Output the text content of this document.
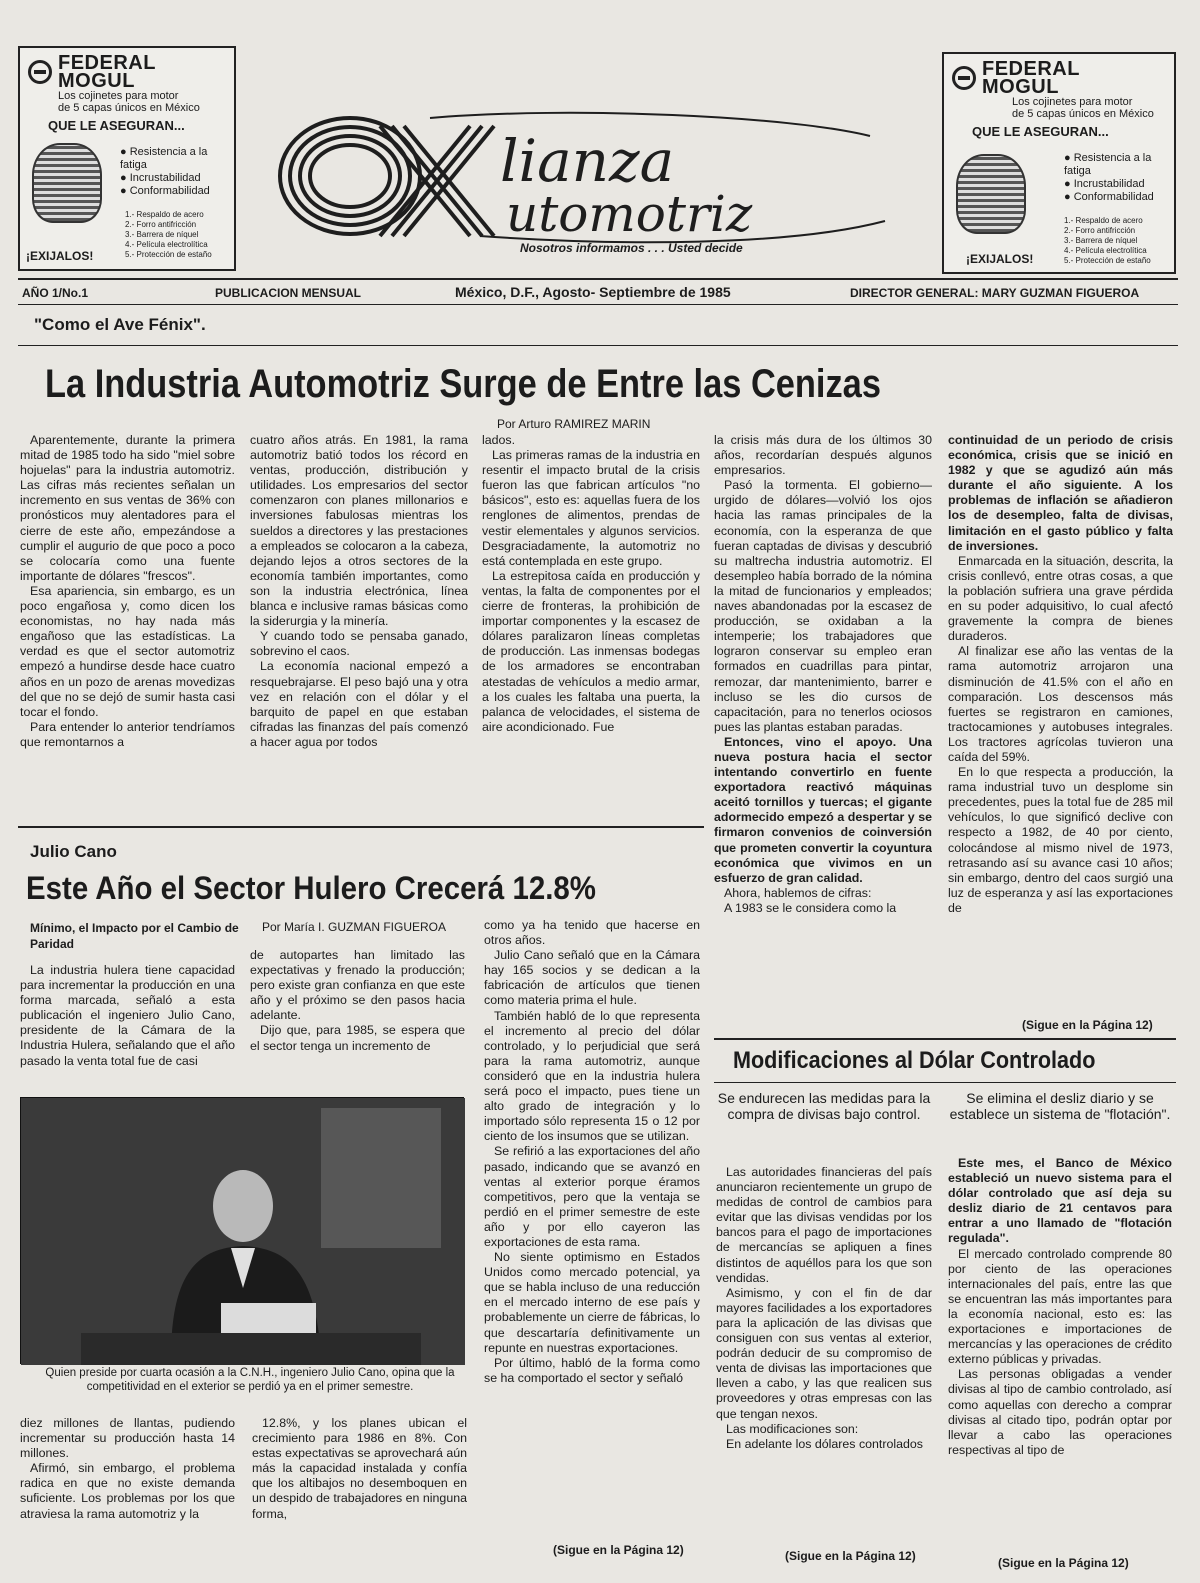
FEDERAL
MOGUL
Los cojinetes para motor
de 5 capas únicos en México
QUE LE ASEGURAN...
● Resistencia a la fatiga
● Incrustabilidad
● Conformabilidad
1.- Respaldo de acero
2.- Forro antifricción
3.- Barrera de níquel
4.- Película electrolítica
5.- Protección de estaño
¡EXIJALOS!
FEDERAL
MOGUL
Los cojinetes para motor
de 5 capas únicos en México
QUE LE ASEGURAN...
● Resistencia a la fatiga
● Incrustabilidad
● Conformabilidad
1.- Respaldo de acero
2.- Forro antifricción
3.- Barrera de níquel
4.- Película electrolítica
5.- Protección de estaño
¡EXIJALOS!
lianza
utomotriz
Nosotros informamos . . . Usted decide
AÑO 1/No.1	PUBLICACION MENSUAL	México, D.F., Agosto- Septiembre de 1985	DIRECTOR GENERAL: MARY GUZMAN FIGUEROA
"Como el Ave Fénix".
La Industria Automotriz Surge de Entre las Cenizas
Por Arturo RAMIREZ MARIN

Aparentemente, durante la primera mitad de 1985 todo ha sido "miel sobre hojuelas" para la industria automotriz. Las cifras más recientes señalan un incremento en sus ventas de 36% con pronósticos muy alentadores para el cierre de este año, empezándose a cumplir el augurio de que poco a poco se colocaría como una fuente importante de dólares "frescos".

Esa apariencia, sin embargo, es un poco engañosa y, como dicen los economistas, no hay nada más engañoso que las estadísticas. La verdad es que el sector automotriz empezó a hundirse desde hace cuatro años en un pozo de arenas movedizas del que no se dejó de sumir hasta casi tocar el fondo.

Para entender lo anterior tendríamos que remontarnos a

cuatro años atrás. En 1981, la rama automotriz batió todos los récord en ventas, producción, distribución y utilidades. Los empresarios del sector comenzaron con planes millonarios e inversiones fabulosas mientras los sueldos a directores y las prestaciones a empleados se colocaron a la cabeza, dejando lejos a otros sectores de la economía también importantes, como son la industria electrónica, línea blanca e inclusive ramas básicas como la siderurgia y la minería.

Y cuando todo se pensaba ganado, sobrevino el caos.

La economía nacional empezó a resquebrajarse. El peso bajó una y otra vez en relación con el dólar y el barquito de papel en que estaban cifradas las finanzas del país comenzó a hacer agua por todos

lados.

Las primeras ramas de la industria en resentir el impacto brutal de la crisis fueron las que fabrican artículos "no básicos", esto es: aquellas fuera de los renglones de alimentos, prendas de vestir elementales y algunos servicios. Desgraciadamente, la automotriz no está contemplada en este grupo.

La estrepitosa caída en producción y ventas, la falta de componentes por el cierre de fronteras, la prohibición de importar componentes y la escasez de dólares paralizaron líneas completas de producción. Las inmensas bodegas de los armadores se encontraban atestadas de vehículos a medio armar, a los cuales les faltaba una puerta, la palanca de velocidades, el sistema de aire acondicionado. Fue

la crisis más dura de los últimos 30 años, recordarían después algunos empresarios.

Pasó la tormenta. El gobierno—urgido de dólares—volvió los ojos hacia las ramas principales de la economía, con la esperanza de que fueran captadas de divisas y descubrió su maltrecha industria automotriz. El desempleo había borrado de la nómina la mitad de funcionarios y empleados; naves abandonadas por la escasez de producción, se oxidaban a la intemperie; los trabajadores que lograron conservar su empleo eran formados en cuadrillas para pintar, remozar, dar mantenimiento, barrer e incluso se les dio cursos de capacitación, para no tenerlos ociosos pues las plantas estaban paradas.

Entonces, vino el apoyo. Una nueva postura hacia el sector intentando convertirlo en fuente exportadora reactivó máquinas aceitó tornillos y tuercas; el gigante adormecido empezó a despertar y se firmaron convenios de coinversión que prometen convertir la coyuntura económica que vivimos en un esfuerzo de gran calidad.

Ahora, hablemos de cifras:

A 1983 se le considera como la

continuidad de un periodo de crisis económica, crisis que se inició en 1982 y que se agudizó aún más durante el año siguiente. A los problemas de inflación se añadieron los de desempleo, falta de divisas, limitación en el gasto público y falta de inversiones.

Enmarcada en la situación, descrita, la crisis conllevó, entre otras cosas, a que la población sufriera una grave pérdida en su poder adquisitivo, lo cual afectó gravemente la compra de bienes duraderos.

Al finalizar ese año las ventas de la rama automotriz arrojaron una disminución de 41.5% con el año en comparación. Los descensos más fuertes se registraron en camiones, tractocamiones y autobuses integrales. Los tractores agrícolas tuvieron una caída del 59%.

En lo que respecta a producción, la rama industrial tuvo un desplome sin precedentes, pues la total fue de 285 mil vehículos, lo que significó declive con respecto a 1982, de 40 por ciento, colocándose al mismo nivel de 1973, retrasando así su avance casi 10 años; sin embargo, dentro del caos surgió una luz de esperanza y así las exportaciones de

(Sigue en la Página 12)
Julio Cano
Este Año el Sector Hulero Crecerá 12.8%
Mínimo, el Impacto por el Cambio de Paridad
Por María I. GUZMAN FIGUEROA

La industria hulera tiene capacidad para incrementar la producción en una forma marcada, señaló a esta publicación el ingeniero Julio Cano, presidente de la Cámara de la Industria Hulera, señalando que el año pasado la venta total fue de casi

de autopartes han limitado las expectativas y frenado la producción; pero existe gran confianza en que este año y el próximo se den pasos hacia adelante.

Dijo que, para 1985, se espera que el sector tenga un incremento de

como ya ha tenido que hacerse en otros años.

Julio Cano señaló que en la Cámara hay 165 socios y se dedican a la fabricación de artículos que tienen como materia prima el hule.

También habló de lo que representa el incremento al precio del dólar controlado, y lo perjudicial que será para la rama automotriz, aunque consideró que en la industria hulera será poco el impacto, pues tiene un alto grado de integración y lo importado sólo representa 15 o 12 por ciento de los insumos que se utilizan.

Se refirió a las exportaciones del año pasado, indicando que se avanzó en ventas al exterior porque éramos competitivos, pero que la ventaja se perdió en el primer semestre de este año y por ello cayeron las exportaciones de esta rama.

No siente optimismo en Estados Unidos como mercado potencial, ya que se habla incluso de una reducción en el mercado interno de ese país y probablemente un cierre de fábricas, lo que descartaría definitivamente un repunte en nuestras exportaciones.

Por último, habló de la forma como se ha comportado el sector y señaló

Quien preside por cuarta ocasión a la C.N.H., ingeniero Julio Cano, opina que la competitividad en el exterior se perdió ya en el primer semestre.

diez millones de llantas, pudiendo incrementar su producción hasta 14 millones.

Afirmó, sin embargo, el problema radica en que no existe demanda suficiente. Los problemas por los que atraviesa la rama automotriz y la

12.8%, y los planes ubican el crecimiento para 1986 en 8%. Con estas expectativas se aprovechará aún más la capacidad instalada y confía que los altibajos no desemboquen en un despido de trabajadores en ninguna forma,

(Sigue en la Página 12)
Modificaciones al Dólar Controlado
Se endurecen las medidas para la compra de divisas bajo control.
Se elimina el desliz diario y se establece un sistema de "flotación".

Las autoridades financieras del país anunciaron recientemente un grupo de medidas de control de cambios para evitar que las divisas vendidas por los bancos para el pago de importaciones de mercancías se apliquen a fines distintos de aquéllos para los que son vendidas.

Asimismo, y con el fin de dar mayores facilidades a los exportadores para la aplicación de las divisas que consiguen con sus ventas al exterior, podrán deducir de su compromiso de venta de divisas las importaciones que lleven a cabo, y las que realicen sus proveedores y otras empresas con las que tengan nexos.

Las modificaciones son:

En adelante los dólares controlados

Este mes, el Banco de México estableció un nuevo sistema para el dólar controlado que así deja su desliz diario de 21 centavos para entrar a uno llamado de "flotación regulada".

El mercado controlado comprende 80 por ciento de las operaciones internacionales del país, entre las que se encuentran las más importantes para la economía nacional, esto es: las exportaciones e importaciones de mercancías y las operaciones de crédito externo públicas y privadas.

Las personas obligadas a vender divisas al tipo de cambio controlado, así como aquellas con derecho a comprar divisas al citado tipo, podrán optar por llevar a cabo las operaciones respectivas al tipo de

(Sigue en la Página 12)	(Sigue en la Página 12)
